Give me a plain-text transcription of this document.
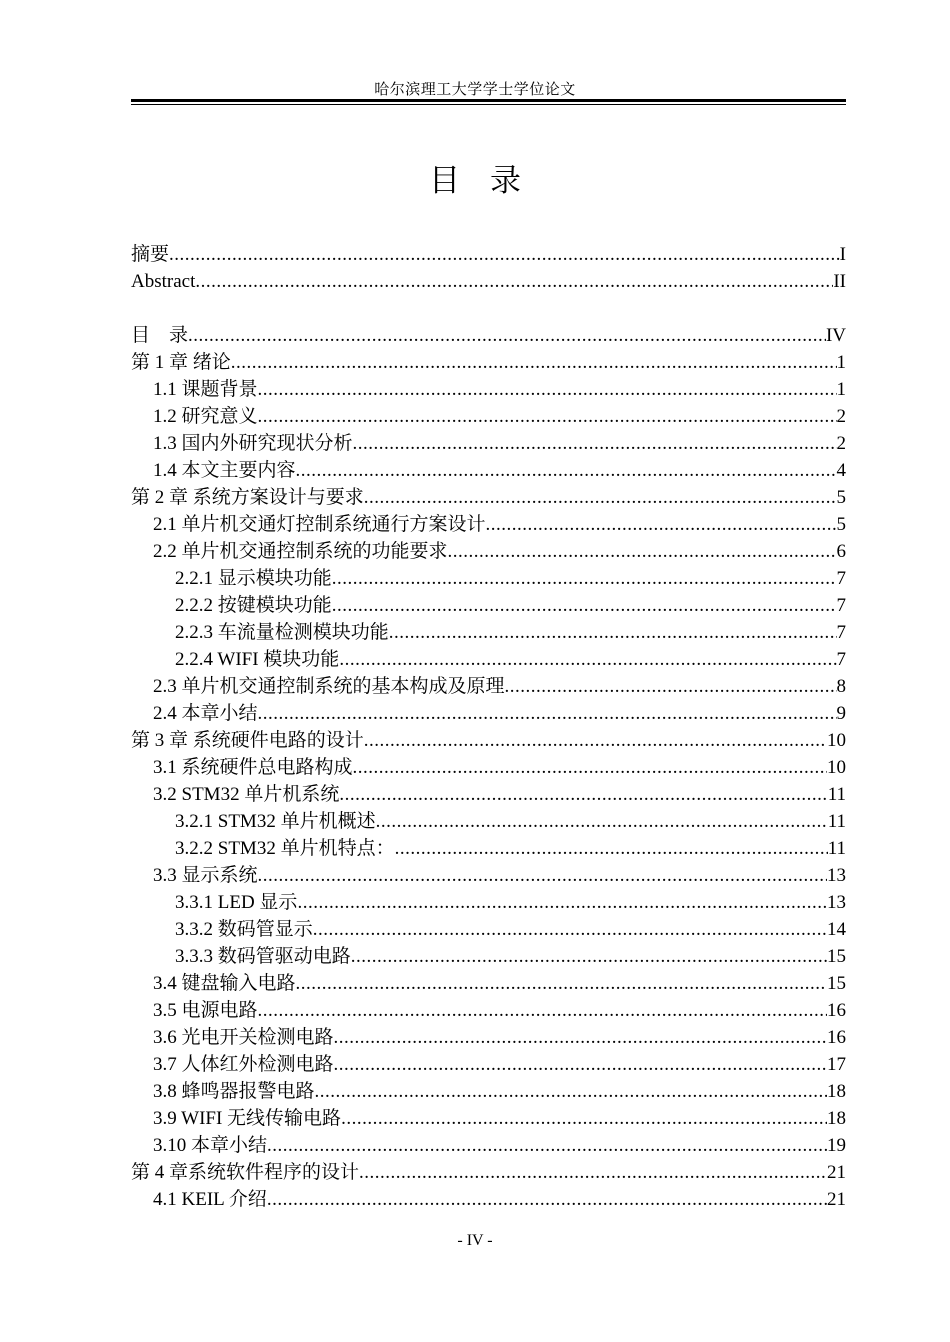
哈尔滨理工大学学士学位论文
目录
摘要 .....	I
Abstract .....	II
目　录 .....	IV
第 1 章 绪论 .....	1
1.1 课题背景 .....	1
1.2 研究意义 .....	2
1.3 国内外研究现状分析 .....	2
1.4 本文主要内容 .....	4
第 2 章 系统方案设计与要求 .....	5
2.1 单片机交通灯控制系统通行方案设计 .....	5
2.2 单片机交通控制系统的功能要求 .....	6
2.2.1 显示模块功能 .....	7
2.2.2 按键模块功能 .....	7
2.2.3 车流量检测模块功能 .....	7
2.2.4 WIFI 模块功能 .....	7
2.3 单片机交通控制系统的基本构成及原理 .....	8
2.4 本章小结 .....	9
第 3 章 系统硬件电路的设计 .....	10
3.1 系统硬件总电路构成 .....	10
3.2 STM32 单片机系统 .....	11
3.2.1 STM32 单片机概述 .....	11
3.2.2 STM32 单片机特点： .....	11
3.3 显示系统 .....	13
3.3.1 LED 显示 .....	13
3.3.2 数码管显示 .....	14
3.3.3 数码管驱动电路 .....	15
3.4 键盘输入电路 .....	15
3.5 电源电路 .....	16
3.6 光电开关检测电路 .....	16
3.7 人体红外检测电路 .....	17
3.8 蜂鸣器报警电路 .....	18
3.9 WIFI 无线传输电路 .....	18
3.10 本章小结 .....	19
第 4 章系统软件程序的设计 .....	21
4.1 KEIL 介绍 .....	21
- IV -
